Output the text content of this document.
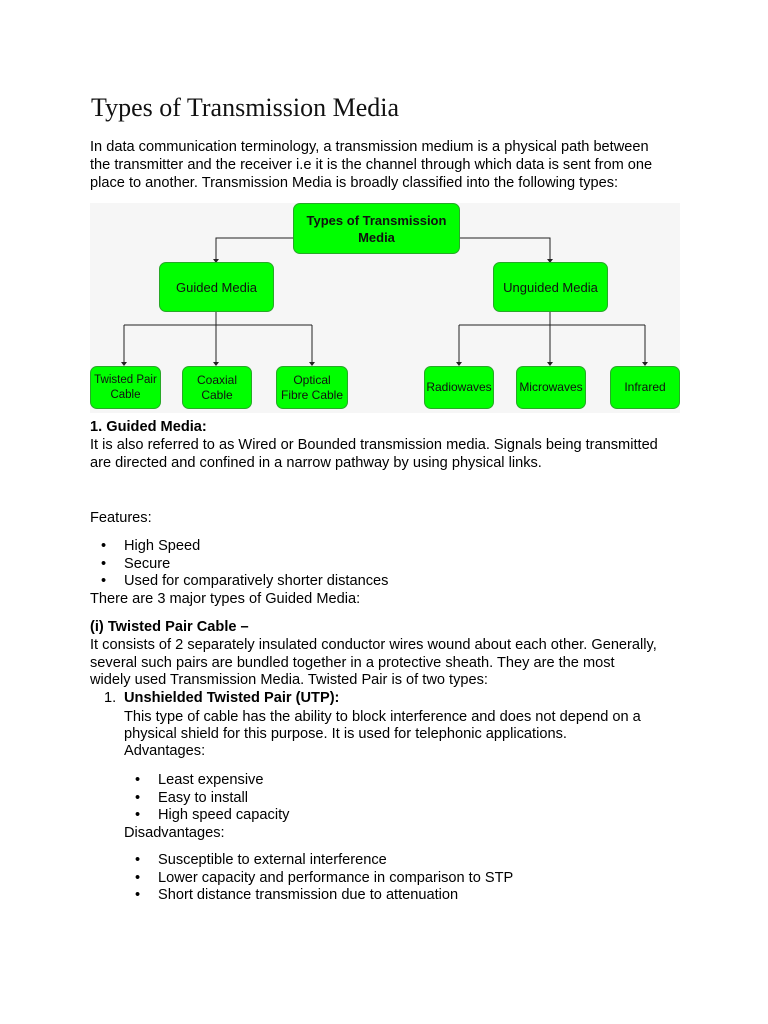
Types of Transmission Media

In data communication terminology, a transmission medium is a physical path between

the transmitter and the receiver i.e it is the channel through which data is sent from one

place to another. Transmission Media is broadly classified into the following types:

Types of Transmission
Media
Guided Media	Unguided Media
Twisted Pair
Cable
Coaxial
Cable
Optical
Fibre Cable
Radiowaves Microwaves	Infrared

1. Guided Media:

It is also referred to as Wired or Bounded transmission media. Signals being transmitted

are directed and confined in a narrow pathway by using physical links.

Features:

• High Speed
• Secure
• Used for comparatively shorter distances

There are 3 major types of Guided Media:

(i) Twisted Pair Cable –

It consists of 2 separately insulated conductor wires wound about each other. Generally,

several such pairs are bundled together in a protective sheath. They are the most

widely used Transmission Media. Twisted Pair is of two types:

1. Unshielded Twisted Pair (UTP):

This type of cable has the ability to block interference and does not depend on a

physical shield for this purpose. It is used for telephonic applications.

Advantages:

• Least expensive
• Easy to install
• High speed capacity

Disadvantages:

• Susceptible to external interference
• Lower capacity and performance in comparison to STP
• Short distance transmission due to attenuation
